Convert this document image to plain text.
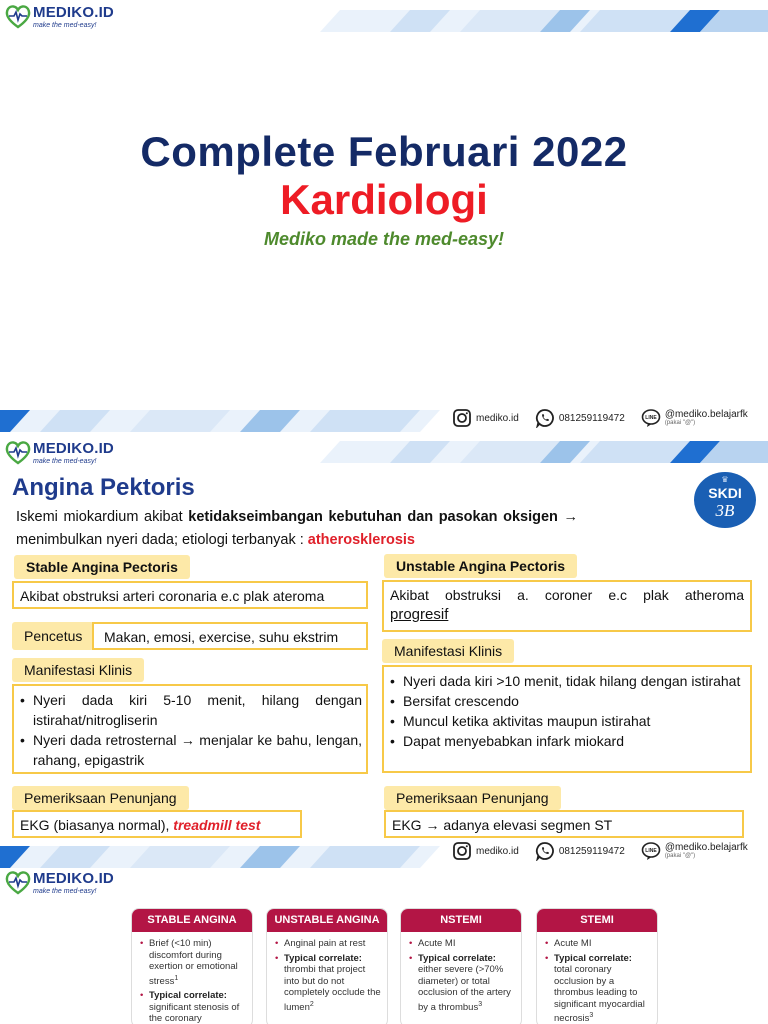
MEDIKO.ID
make the med-easy!
Complete Februari 2022
Kardiologi
Mediko made the med-easy!
mediko.id	081259119472	LINE @mediko.belajarfk
(pakai "@")
MEDIKO.ID
make the med-easy!
Angina Pektoris	♛
SKDI
3B
Iskemi miokardium akibat ketidakseimbangan kebutuhan dan pasokan oksigen → menimbulkan nyeri dada; etiologi terbanyak : atherosklerosis
Stable Angina Pectoris
Akibat obstruksi arteri coronaria e.c plak ateroma
Pencetus	Makan, emosi, exercise, suhu ekstrim
Manifestasi Klinis
• Nyeri dada kiri 5-10 menit, hilang dengan istirahat/nitrogliserin
• Nyeri dada retrosternal → menjalar ke bahu, lengan, rahang, epigastrik
Pemeriksaan Penunjang
EKG (biasanya normal), treadmill test
Unstable Angina Pectoris
Akibat obstruksi a. coroner e.c plak atheroma
progresif
Manifestasi Klinis
• Nyeri dada kiri >10 menit, tidak hilang dengan istirahat
• Bersifat crescendo
• Muncul ketika aktivitas maupun istirahat
• Dapat menyebabkan infark miokard
Pemeriksaan Penunjang
EKG → adanya elevasi segmen ST
mediko.id	081259119472	LINE @mediko.belajarfk
(pakai "@")
MEDIKO.ID
make the med-easy!
STABLE ANGINA
• Brief (<10 min) discomfort during exertion or emotional stress$^1$
• Typical correlate: significant stenosis of the coronary
UNSTABLE ANGINA
• Anginal pain at rest
• Typical correlate: thrombi that project into but do not completely occlude the lumen$^2$
NSTEMI
• Acute MI
• Typical correlate: either severe (>70% diameter) or total occlusion of the artery by a thrombus$^3$
STEMI
• Acute MI
• Typical correlate: total coronary occlusion by a thrombus leading to significant myocardial necrosis$^3$
